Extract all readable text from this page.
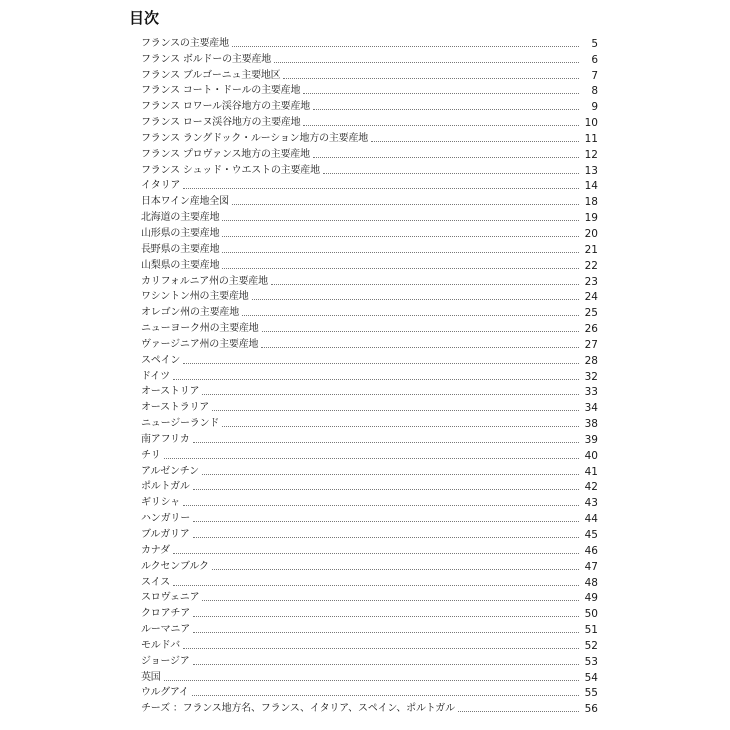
目次
フランスの主要産地	5
フランス ボルドーの主要産地	6
フランス ブルゴーニュ主要地区	7
フランス コート・ドールの主要産地	8
フランス ロワール渓谷地方の主要産地	9
フランス ローヌ渓谷地方の主要産地	10
フランス ラングドック・ルーション地方の主要産地	11
フランス プロヴァンス地方の主要産地	12
フランス シュッド・ウエストの主要産地	13
イタリア	14
日本ワイン産地全図	18
北海道の主要産地	19
山形県の主要産地	20
長野県の主要産地	21
山梨県の主要産地	22
カリフォルニア州の主要産地	23
ワシントン州の主要産地	24
オレゴン州の主要産地	25
ニューヨーク州の主要産地	26
ヴァージニア州の主要産地	27
スペイン	28
ドイツ	32
オーストリア	33
オーストラリア	34
ニュージーランド	38
南アフリカ	39
チリ	40
アルゼンチン	41
ポルトガル	42
ギリシャ	43
ハンガリー	44
ブルガリア	45
カナダ	46
ルクセンブルク	47
スイス	48
スロヴェニア	49
クロアチア	50
ルーマニア	51
モルドバ	52
ジョージア	53
英国	54
ウルグアイ	55
チーズ ：フランス地方名、フランス、イタリア、スペイン、ポルトガル	56
